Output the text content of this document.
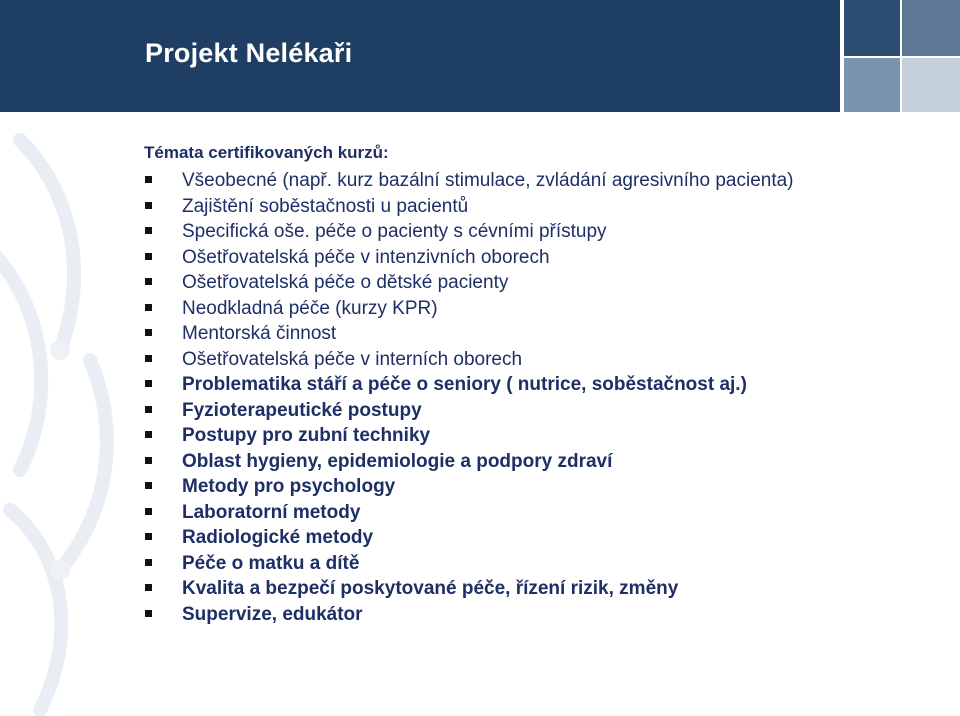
Projekt Nelékaři
Témata certifikovaných kurzů:
Všeobecné (např. kurz bazální stimulace, zvládání agresivního pacienta)
Zajištění soběstačnosti u pacientů
Specifická oše. péče o pacienty s cévními přístupy
Ošetřovatelská péče v intenzivních oborech
Ošetřovatelská péče o dětské pacienty
Neodkladná péče (kurzy KPR)
Mentorská činnost
Ošetřovatelská péče v interních oborech
Problematika stáří a péče o seniory ( nutrice, soběstačnost aj.)
Fyzioterapeutické postupy
Postupy pro zubní techniky
Oblast hygieny, epidemiologie a podpory zdraví
Metody pro psychology
Laboratorní metody
Radiologické metody
Péče o matku a dítě
Kvalita a bezpečí poskytované péče, řízení rizik, změny
Supervize, edukátor
